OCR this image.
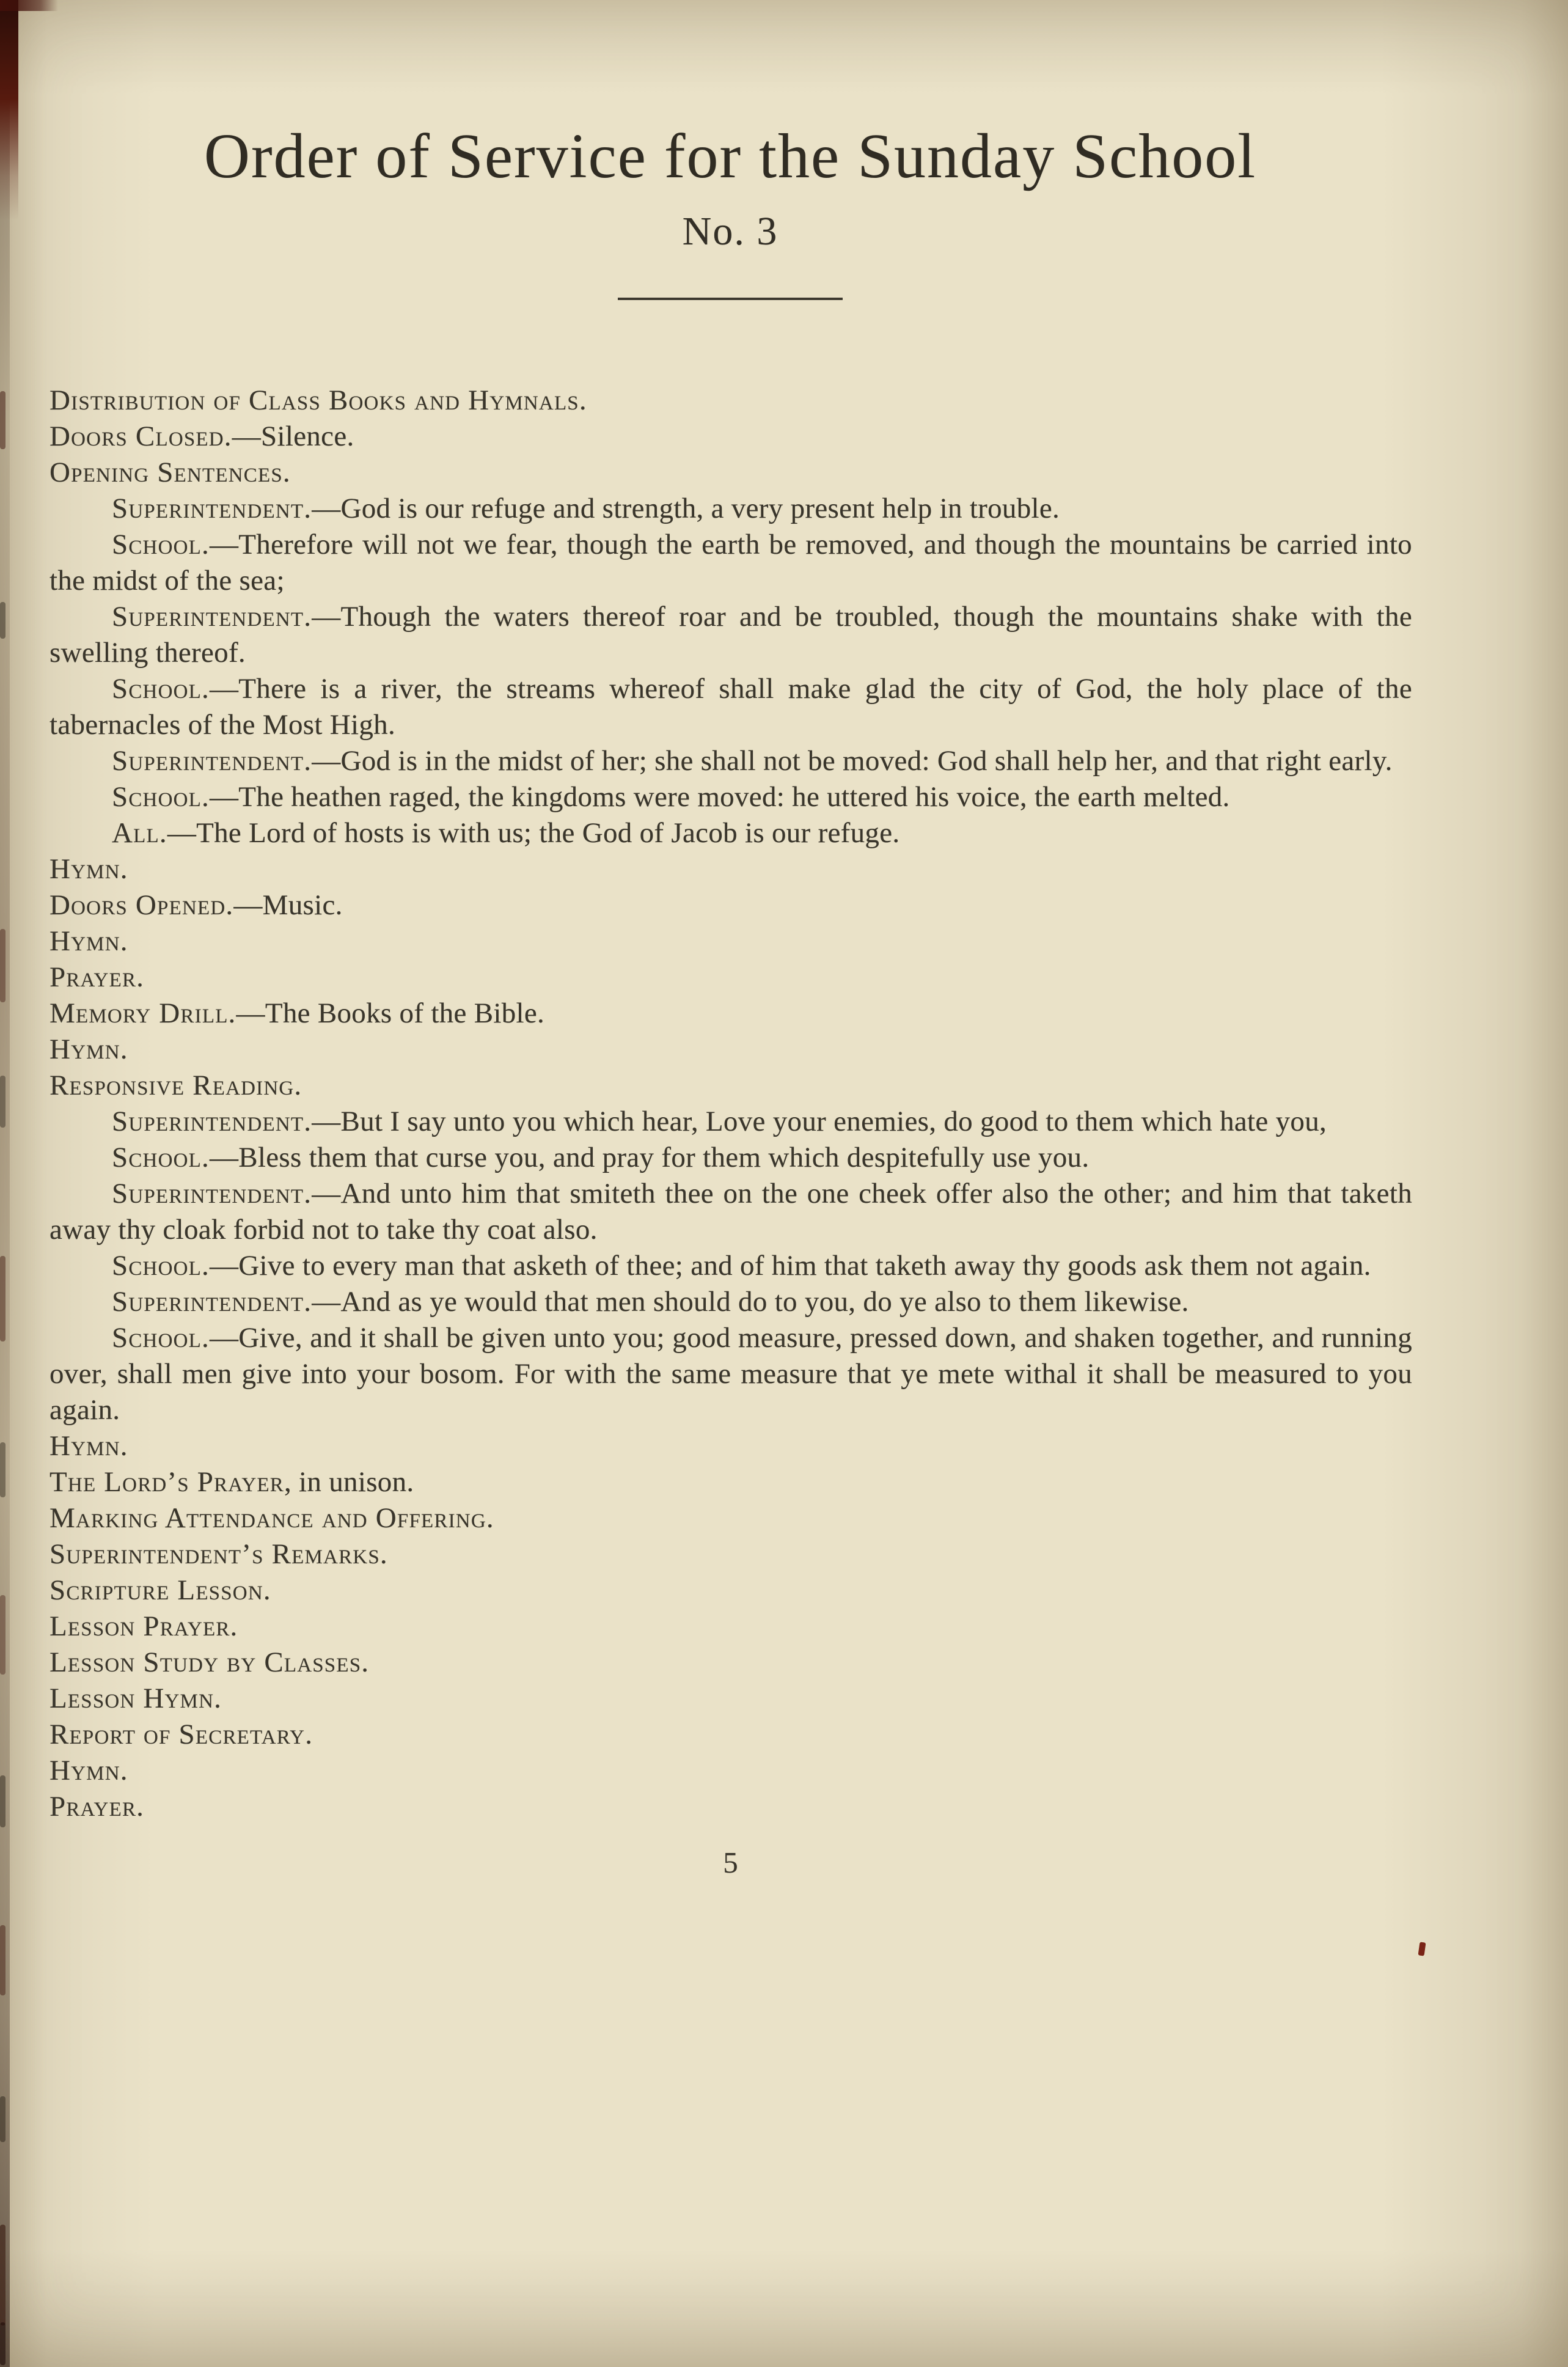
Order of Service for the Sunday School
No. 3

Distribution of Class Books and Hymnals.

Doors Closed.—Silence.

Opening Sentences.

Superintendent.—God is our refuge and strength, a very present help in trouble.

School.—Therefore will not we fear, though the earth be removed, and though the mountains be carried into the midst of the sea;

Superintendent.—Though the waters thereof roar and be troubled, though the mountains shake with the swelling thereof.

School.—There is a river, the streams whereof shall make glad the city of God, the holy place of the tabernacles of the Most High.

Superintendent.—God is in the midst of her; she shall not be moved: God shall help her, and that right early.

School.—The heathen raged, the kingdoms were moved: he uttered his voice, the earth melted.

All.—The Lord of hosts is with us; the God of Jacob is our refuge.

Hymn.

Doors Opened.—Music.

Hymn.

Prayer.

Memory Drill.—The Books of the Bible.

Hymn.

Responsive Reading.

Superintendent.—But I say unto you which hear, Love your enemies, do good to them which hate you,

School.—Bless them that curse you, and pray for them which despitefully use you.

Superintendent.—And unto him that smiteth thee on the one cheek offer also the other; and him that taketh away thy cloak forbid not to take thy coat also.

School.—Give to every man that asketh of thee; and of him that taketh away thy goods ask them not again.

Superintendent.—And as ye would that men should do to you, do ye also to them likewise.

School.—Give, and it shall be given unto you; good measure, pressed down, and shaken together, and running over, shall men give into your bosom. For with the same measure that ye mete withal it shall be measured to you again.

Hymn.

The Lord’s Prayer, in unison.

Marking Attendance and Offering.

Superintendent’s Remarks.

Scripture Lesson.

Lesson Prayer.

Lesson Study by Classes.

Lesson Hymn.

Report of Secretary.

Hymn.

Prayer.

5
